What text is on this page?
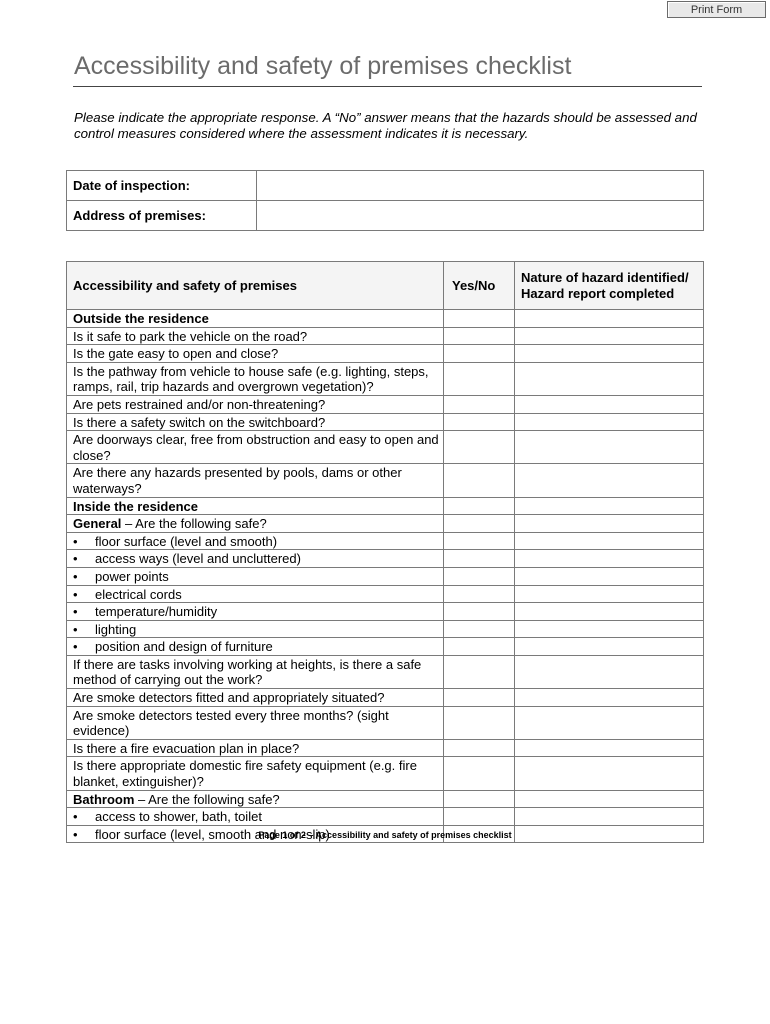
Print Form
Accessibility and safety of premises checklist
Please indicate the appropriate response. A “No” answer means that the hazards should be assessed and control measures considered where the assessment indicates it is necessary.
Date of inspection:	
Address of premises:	
Accessibility and safety of premises	Yes/No	Nature of hazard identified/ Hazard report completed
Outside the residence		
Is it safe to park the vehicle on the road?		
Is the gate easy to open and close?		
Is the pathway from vehicle to house safe (e.g. lighting, steps, ramps, rail, trip hazards and overgrown vegetation)?		
Are pets restrained and/or non-threatening?		
Is there a safety switch on the switchboard?		
Are doorways clear, free from obstruction and easy to open and close?		
Are there any hazards presented by pools, dams or other waterways?		
Inside the residence		
General – Are the following safe?		
• floor surface (level and smooth)		
• access ways (level and uncluttered)		
• power points		
• electrical cords		
• temperature/humidity		
• lighting		
• position and design of furniture		
If there are tasks involving working at heights, is there a safe method of carrying out the work?		
Are smoke detectors fitted and appropriately situated?		
Are smoke detectors tested every three months? (sight evidence)		
Is there a fire evacuation plan in place?		
Is there appropriate domestic fire safety equipment (e.g. fire blanket, extinguisher)?		
Bathroom – Are the following safe?		
• access to shower, bath, toilet		
• floor surface (level, smooth and non-slip)		
Page 1 of 2 – Accessibility and safety of premises checklist
